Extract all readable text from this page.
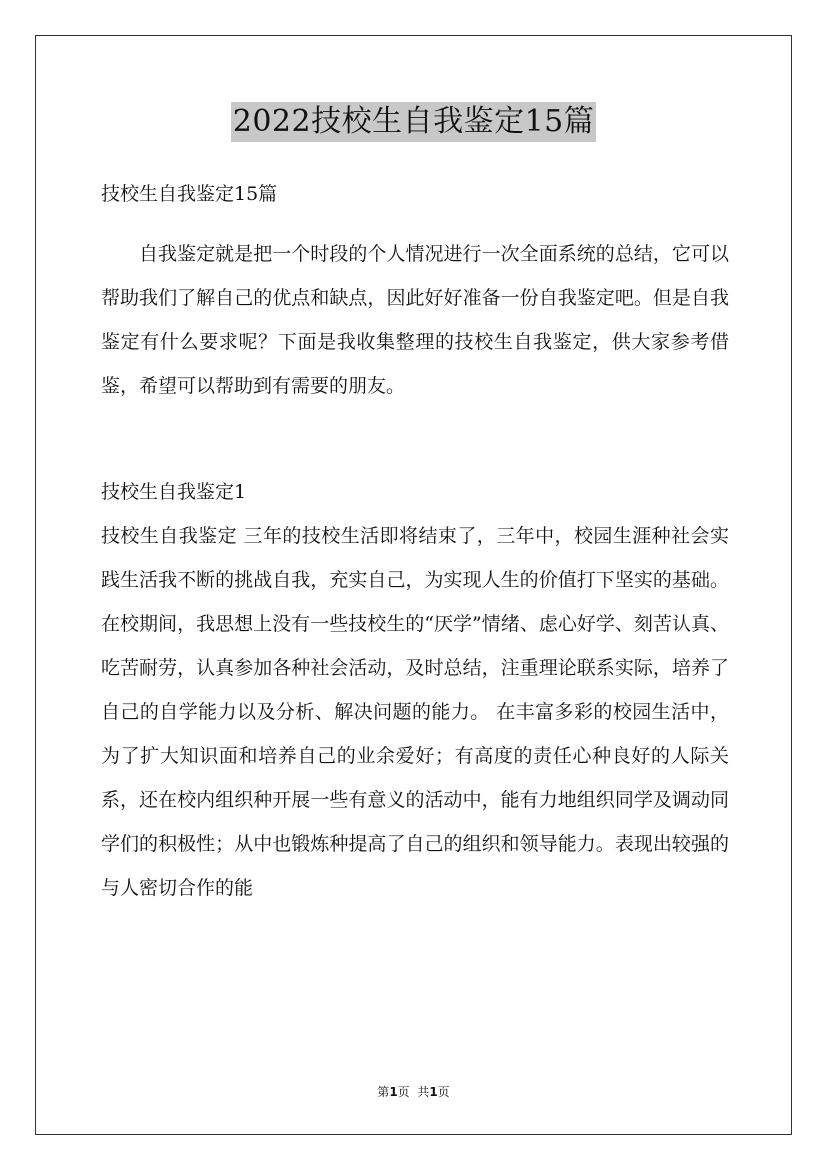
2022技校生自我鉴定15篇

技校生自我鉴定15篇

自我鉴定就是把一个时段的个人情况进行一次全面系统的总结，它可以帮助我们了解自己的优点和缺点，因此好好准备一份自我鉴定吧。但是自我鉴定有什么要求呢？下面是我收集整理的技校生自我鉴定，供大家参考借鉴，希望可以帮助到有需要的朋友。

技校生自我鉴定1

技校生自我鉴定 三年的技校生活即将结束了，三年中，校园生涯种社会实践生活我不断的挑战自我，充实自己，为实现人生的价值打下坚实的基础。 在校期间，我思想上没有一些技校生的“厌学”情绪、虑心好学、刻苦认真、吃苦耐劳，认真参加各种社会活动，及时总结，注重理论联系实际，培养了自己的自学能力以及分析、解决问题的能力。 在丰富多彩的校园生活中，为了扩大知识面和培养自己的业余爱好；有高度的责任心种良好的人际关系，还在校内组织种开展一些有意义的活动中，能有力地组织同学及调动同学们的积极性；从中也锻炼种提高了自己的组织和领导能力。表现出较强的与人密切合作的能

第1页  共1页
